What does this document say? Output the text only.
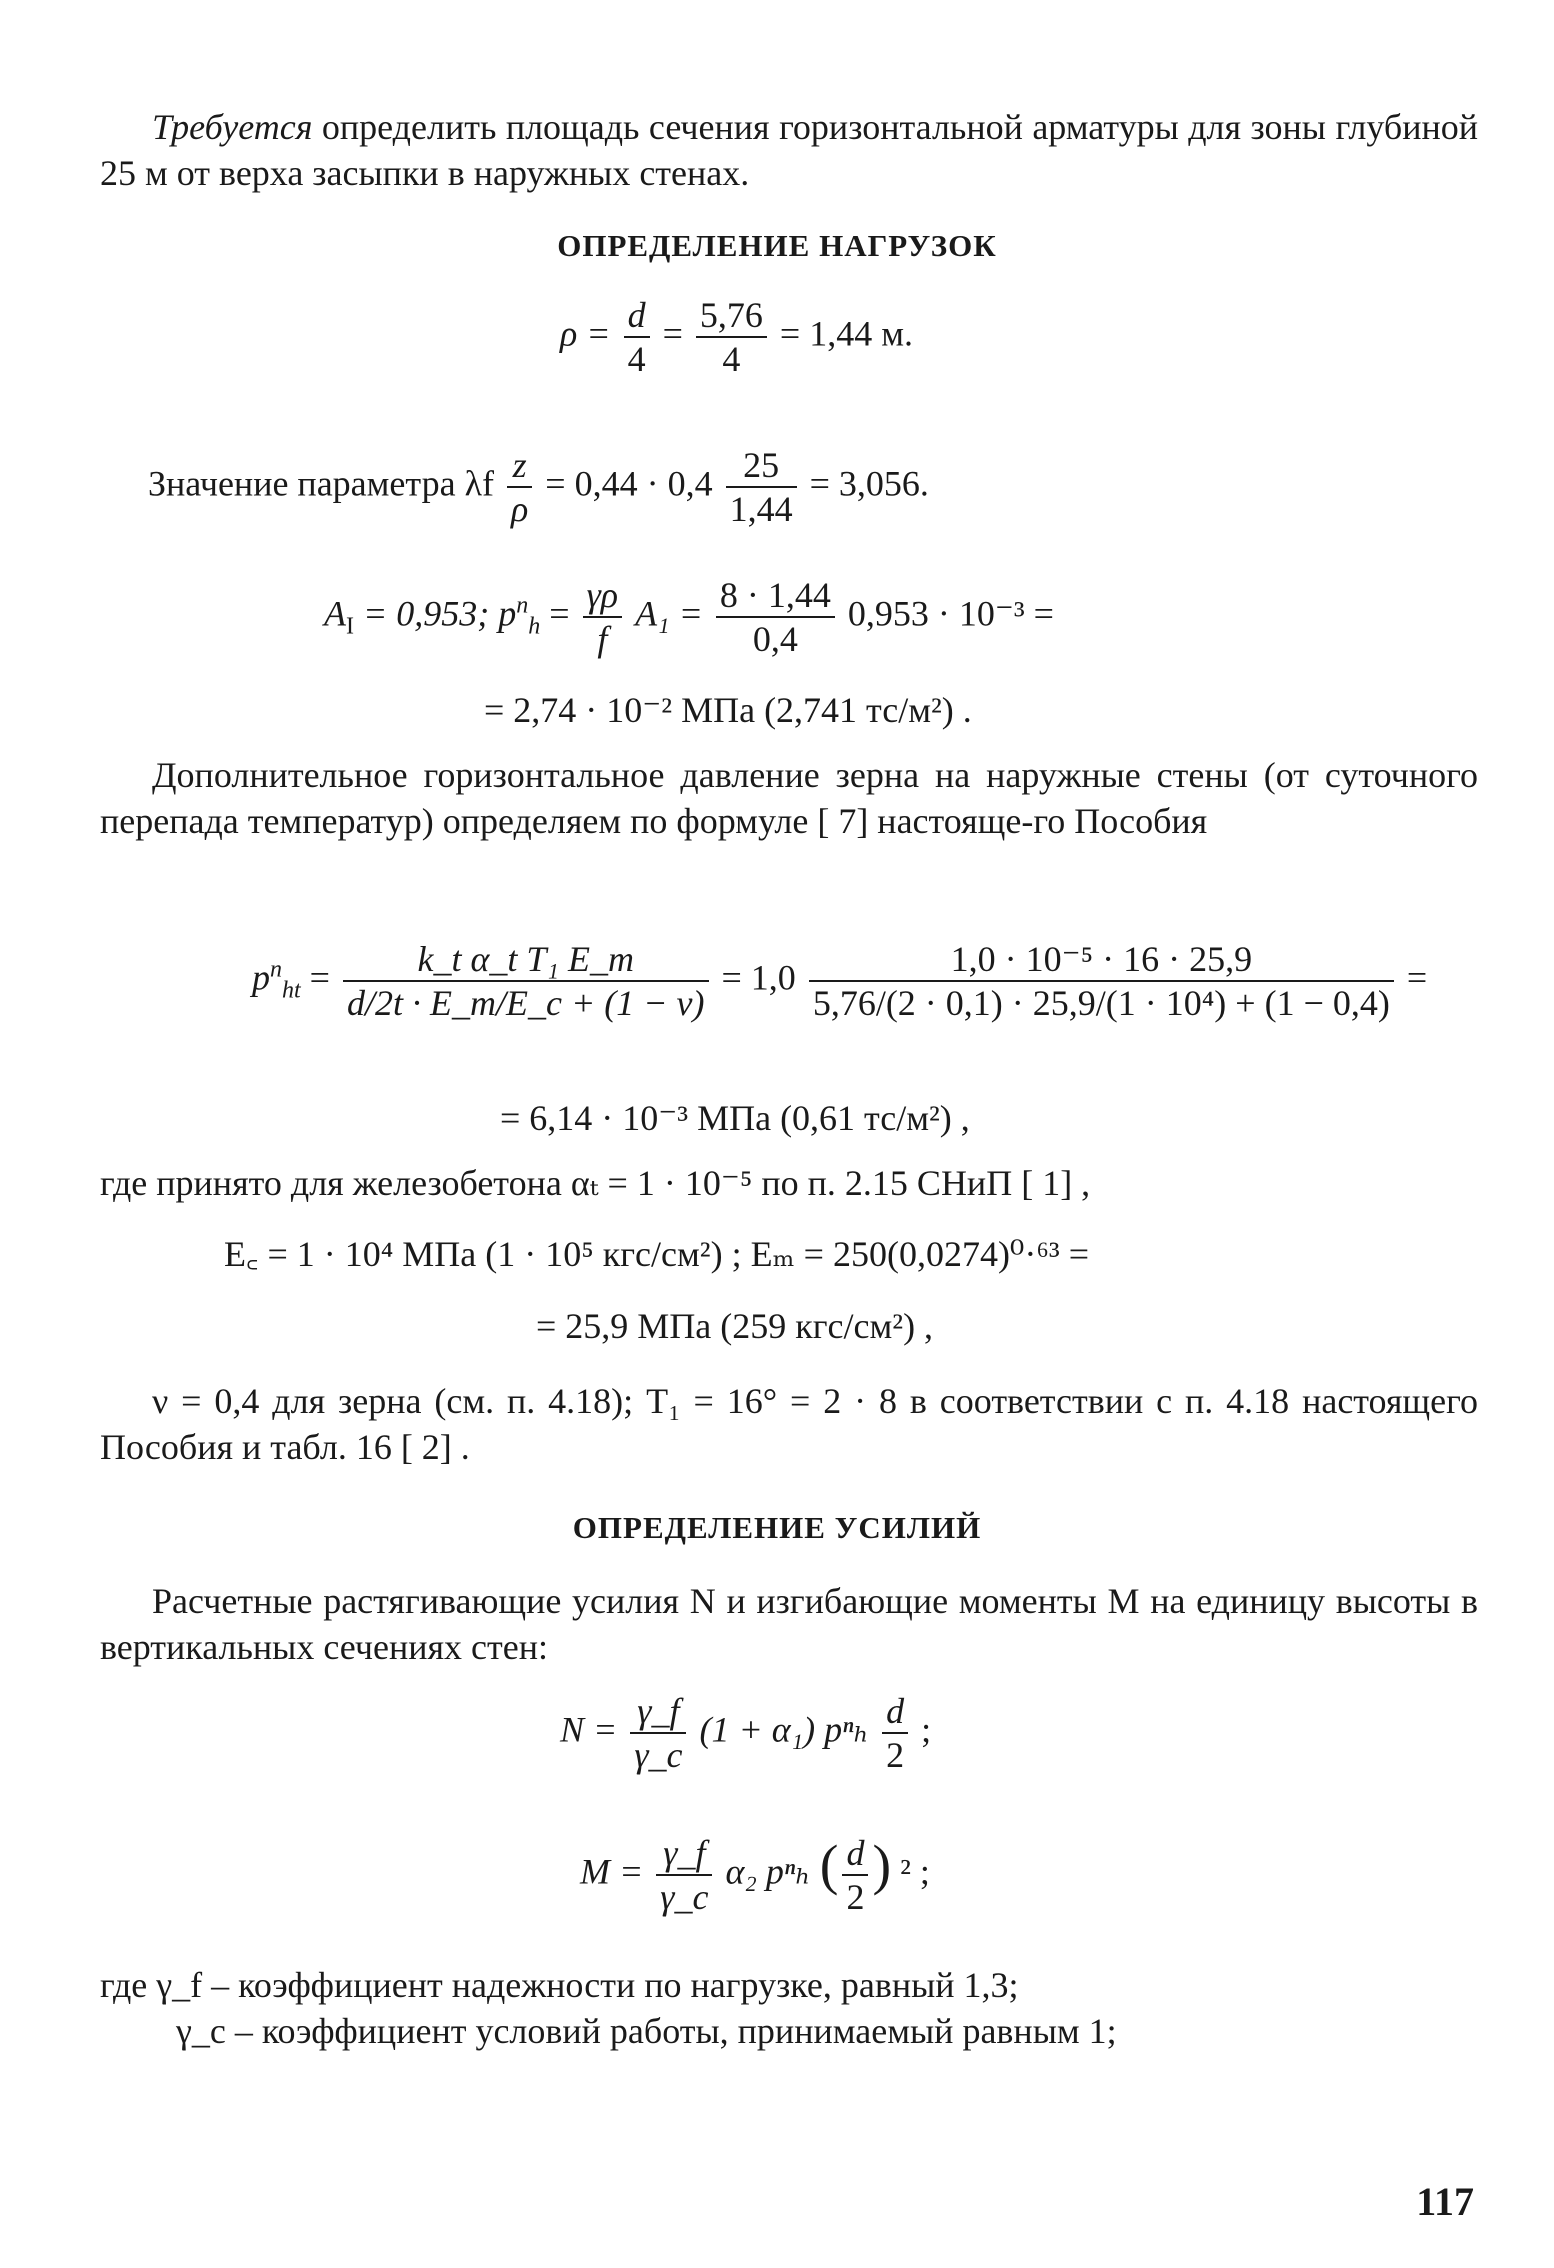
Требуется определить площадь сечения горизонтальной арматуры для зоны глубиной 25 м от верха засыпки в наружных стенах.
ОПРЕДЕЛЕНИЕ НАГРУЗОК
$\rho = \frac{d}{4} = \frac{5,76}{4} = 1,44$ м.
Значение параметра λf $\frac{z}{\rho} = 0,44 \cdot 0,4 \frac{25}{1,44} = 3,056$.
$A_I = 0,953$; $p^n_h = \frac{\gamma\rho}{f} A_1 = \frac{8 \cdot 1,44}{0,4} 0,953 \cdot 10^{-3}$ =
= 2,74 · 10⁻² МПа (2,741 тс/м²) .
Дополнительное горизонтальное давление зерна на наружные стены (от суточного перепада температур) определяем по формуле [ 7] настояще-го Пособия
$p^n_{ht} = \frac{\text{k\_t α\_t T₁ E\_m}}{d/2t \cdot E\_m/E\_c + (1 - \nu)} = 1,0 \frac{\text{1,0 · 10⁻⁵ · 16 · 25,9}}{\text{5,76/(2 · 0,1) · 25,9/(1 · 10⁴) + (1 − 0,4)}}$ =
= 6,14 · 10⁻³ МПа (0,61 тс/м²) ,
где принято для железобетона αₜ = 1 · 10⁻⁵ по п. 2.15 СНиП [ 1] ,
E꜀ = 1 · 10⁴ МПа (1 · 10⁵ кгс/см²) ; Eₘ = 250(0,0274)⁰·⁶³ =
= 25,9 МПа (259 кгс/см²) ,
ν = 0,4 для зерна (см. п. 4.18); T₁ = 16° = 2 · 8 в соответствии с п. 4.18 настоящего Пособия и табл. 16 [ 2] .
ОПРЕДЕЛЕНИЕ УСИЛИЙ
Расчетные растягивающие усилия N и изгибающие моменты M на единицу высоты в вертикальных сечениях стен:
$N = \frac{\gamma\_f}{\gamma\_c} (1 + \alpha_1)$ pⁿₕ $\frac{d}{2}$ ;
$M = \frac{\gamma\_f}{\gamma\_c} \alpha_2$ pⁿₕ ( $\frac{d}{2}$ ) ² ;
где γ_f – коэффициент надежности по нагрузке, равный 1,3;
γ_c – коэффициент условий работы, принимаемый равным 1;
117
